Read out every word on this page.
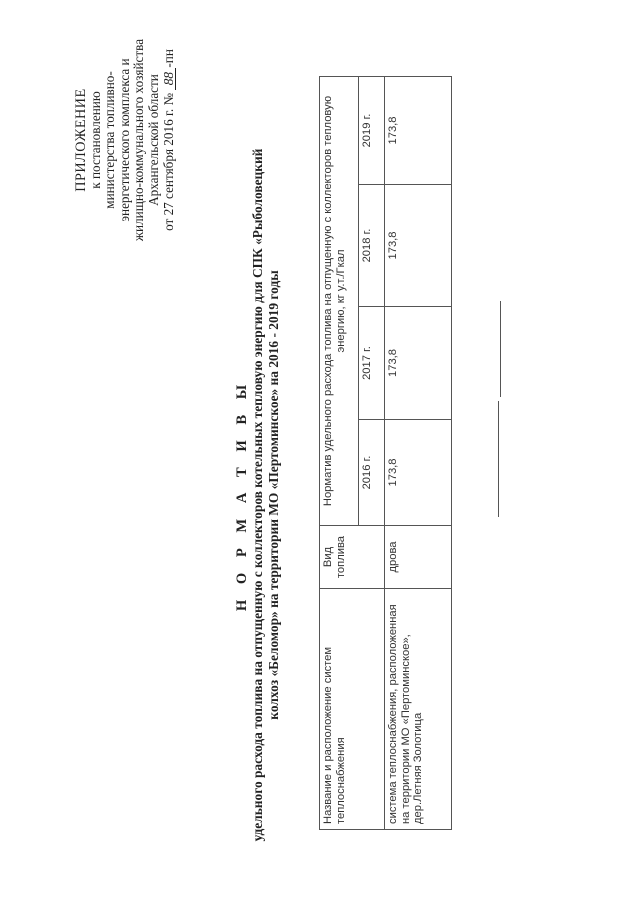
ПРИЛОЖЕНИЕ
к постановлению министерства топливно- энергетического комплекса и жилищно-коммунального хозяйства Архангельской области от 27 сентября 2016 г. № 88-пн
Н О Р М А Т И В Ы удельного расхода топлива на отпущенную с коллекторов котельных тепловую энергию для СПК «Рыболовецкий колхоз «Беломор» на территории МО «Пертоминское» на 2016 - 2019 годы
Название и расположение систем теплоснабжения	Вид топлива	Норматив удельного расхода топлива на отпущенную с коллекторов тепловую энергию, кг у.т./Гкал			
		2016 г.	2017 г.	2018 г.	2019 г.
система теплоснабжения, расположенная на территории МО «Пертоминское», дер.Летняя Золотица	дрова	173,8	173,8	173,8	173,8
